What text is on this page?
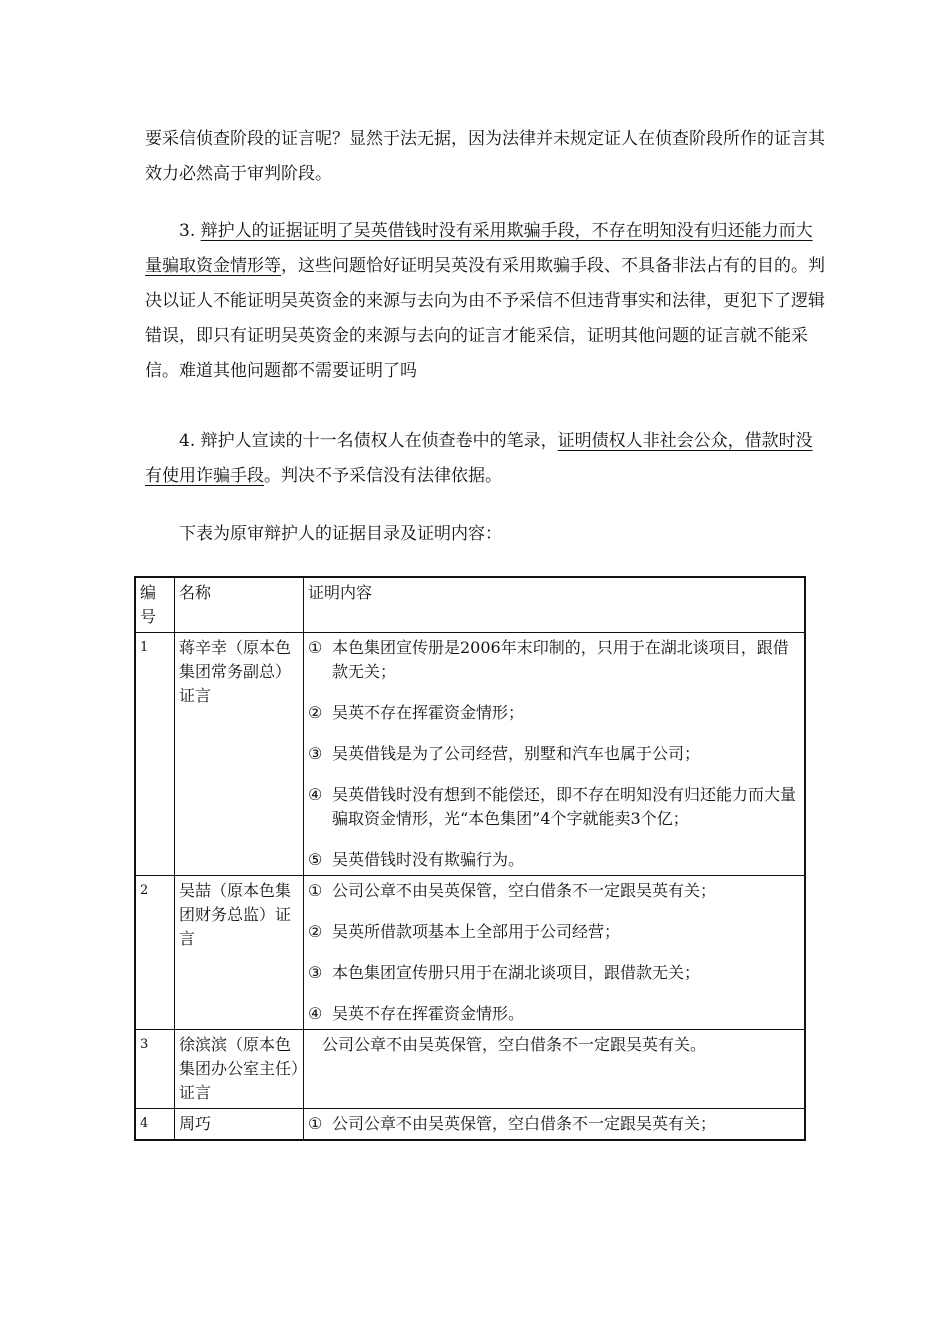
要采信侦查阶段的证言呢？显然于法无据，因为法律并未规定证人在侦查阶段所作的证言其效力必然高于审判阶段。

3. 辩护人的证据证明了吴英借钱时没有采用欺骗手段，不存在明知没有归还能力而大量骗取资金情形等，这些问题恰好证明吴英没有采用欺骗手段、不具备非法占有的目的。判决以证人不能证明吴英资金的来源与去向为由不予采信不但违背事实和法律，更犯下了逻辑错误，即只有证明吴英资金的来源与去向的证言才能采信，证明其他问题的证言就不能采信。难道其他问题都不需要证明了吗

4. 辩护人宣读的十一名债权人在侦查卷中的笔录，证明债权人非社会公众，借款时没有使用诈骗手段。判决不予采信没有法律依据。

下表为原审辩护人的证据目录及证明内容：

编号	名称	证明内容
1	蒋辛幸（原本色集团常务副总）证言	① 本色集团宣传册是2006年末印制的，只用于在湖北谈项目，跟借款无关；

② 吴英不存在挥霍资金情形；

③ 吴英借钱是为了公司经营，别墅和汽车也属于公司；

④ 吴英借钱时没有想到不能偿还，即不存在明知没有归还能力而大量骗取资金情形，光“本色集团”4个字就能卖3个亿；

⑤ 吴英借钱时没有欺骗行为。

2	吴喆（原本色集团财务总监）证言	① 公司公章不由吴英保管，空白借条不一定跟吴英有关；

② 吴英所借款项基本上全部用于公司经营；

③ 本色集团宣传册只用于在湖北谈项目，跟借款无关；

④ 吴英不存在挥霍资金情形。

3	徐滨滨（原本色集团办公室主任）证言	公司公章不由吴英保管，空白借条不一定跟吴英有关。

4	周巧	① 公司公章不由吴英保管，空白借条不一定跟吴英有关；
